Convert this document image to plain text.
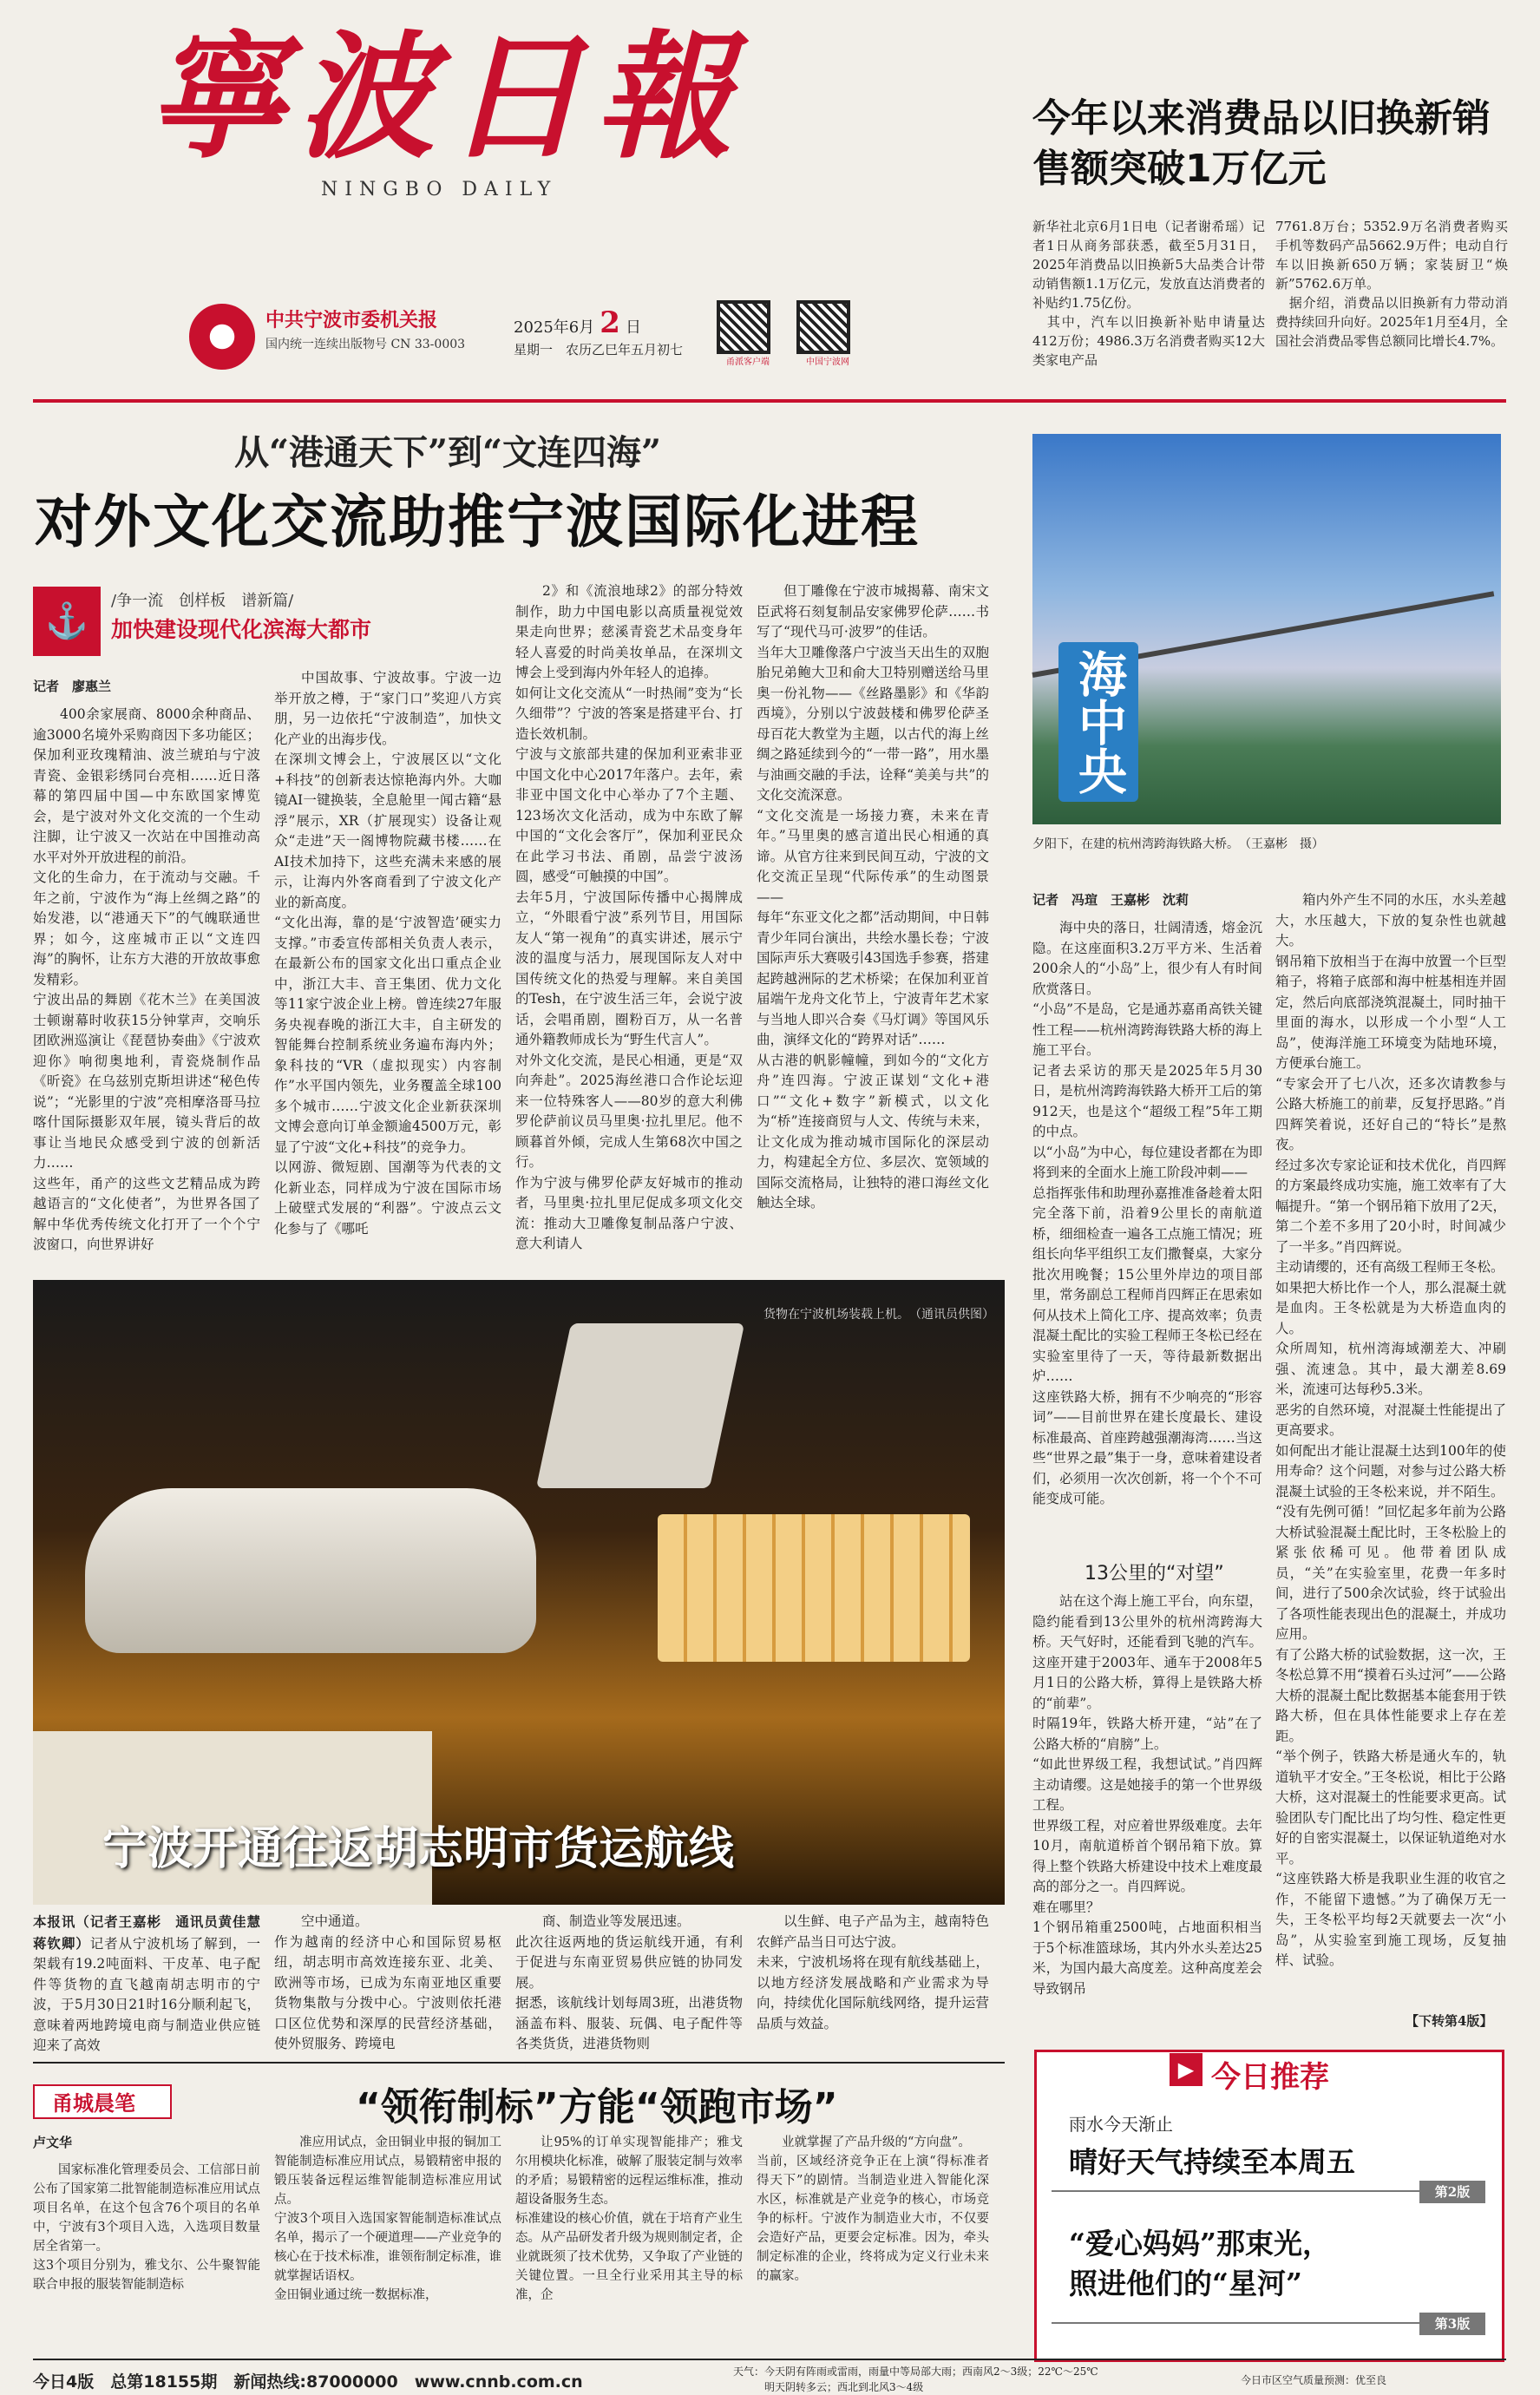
寧波日報
NINGBO DAILY
中共宁波市委机关报
国内统一连续出版物号 CN 33-0003
2025年6月 2 日
星期一　农历乙巳年五月初七
甬派客户端	中国宁波网
今年以来消费品以旧换新销售额突破1万亿元
新华社北京6月1日电（记者谢希瑶）记者1日从商务部获悉，截至5月31日，2025年消费品以旧换新5大品类合计带动销售额1.1万亿元，发放直达消费者的补贴约1.75亿份。
　其中，汽车以旧换新补贴申请量达412万份；4986.3万名消费者购买12大类家电产品
7761.8万台；5352.9万名消费者购买手机等数码产品5662.9万件；电动自行车以旧换新650万辆；家装厨卫“焕新”5762.6万单。
　据介绍，消费品以旧换新有力带动消费持续回升向好。2025年1月至4月，全国社会消费品零售总额同比增长4.7%。
从“港通天下”到“文连四海”
对外文化交流助推宁波国际化进程
⚓
/争一流　创样板　谱新篇/
加快建设现代化滨海大都市
记者　廖惠兰
400余家展商、8000余种商品、逾3000名境外采购商因下多功能区；保加利亚玫瑰精油、波兰琥珀与宁波青瓷、金银彩绣同台亮相……近日落幕的第四届中国—中东欧国家博览会，是宁波对外文化交流的一个生动注脚，让宁波又一次站在中国推动高水平对外开放进程的前沿。
文化的生命力，在于流动与交融。千年之前，宁波作为“海上丝绸之路”的始发港，以“港通天下”的气魄联通世界；如今，这座城市正以“文连四海”的胸怀，让东方大港的开放故事愈发精彩。
宁波出品的舞剧《花木兰》在美国波士顿谢幕时收获15分钟掌声，交响乐团欧洲巡演让《琵琶协奏曲》《宁波欢迎你》响彻奥地利，青瓷烧制作品《昕瓷》在乌兹别克斯坦讲述“秘色传说”；“光影里的宁波”亮相摩洛哥马拉喀什国际摄影双年展，镜头背后的故事让当地民众感受到宁波的创新活力……
这些年，甬产的这些文艺精品成为跨越语言的“文化使者”，为世界各国了解中华优秀传统文化打开了一个个宁波窗口，向世界讲好
中国故事、宁波故事。宁波一边举开放之樽，于“家门口”奖迎八方宾朋，另一边依托“宁波制造”，加快文化产业的出海步伐。
在深圳文博会上，宁波展区以“文化+科技”的创新表达惊艳海内外。大咖镜AI一键换装，全息舱里一闻古籍“悬浮”展示，XR（扩展现实）设备让观众“走进”天一阁博物院藏书楼……在AI技术加持下，这些充满未来感的展示，让海内外客商看到了宁波文化产业的新高度。
“文化出海，靠的是‘宁波智造’硬实力支撑。”市委宣传部相关负责人表示，在最新公布的国家文化出口重点企业中，浙江大丰、音王集团、优力文化等11家宁波企业上榜。曾连续27年服务央视春晚的浙江大丰，自主研发的智能舞台控制系统业务遍布海内外；象科技的“VR（虚拟现实）内容制作”水平国内领先，业务覆盖全球100多个城市……宁波文化企业新获深圳文博会意向订单金额逾4500万元，彰显了宁波“文化+科技”的竞争力。
以网游、微短剧、国潮等为代表的文化新业态，同样成为宁波在国际市场上破壁式发展的“利器”。宁波点云文化参与了《哪吒
2》和《流浪地球2》的部分特效制作，助力中国电影以高质量视觉效果走向世界；慈溪青瓷艺术品变身年轻人喜爱的时尚美妆单品，在深圳文博会上受到海内外年轻人的追捧。
如何让文化交流从“一时热闹”变为“长久细带”？宁波的答案是搭建平台、打造长效机制。
宁波与文旅部共建的保加利亚索非亚中国文化中心2017年落户。去年，索非亚中国文化中心举办了7个主题、123场次文化活动，成为中东欧了解中国的“文化会客厅”，保加利亚民众在此学习书法、甬剧，品尝宁波汤圆，感受“可触摸的中国”。
去年5月，宁波国际传播中心揭牌成立，“外眼看宁波”系列节目，用国际友人“第一视角”的真实讲述，展示宁波的温度与活力，展现国际友人对中国传统文化的热爱与理解。来自美国的Tesh，在宁波生活三年，会说宁波话，会唱甬剧，圈粉百万，从一名普通外籍教师成长为“野生代言人”。
对外文化交流，是民心相通，更是“双向奔赴”。2025海丝港口合作论坛迎来一位特殊客人——80岁的意大利佛罗伦萨前议员马里奥·拉扎里尼。他不顾暮首外倾，完成人生第68次中国之行。
作为宁波与佛罗伦萨友好城市的推动者，马里奥·拉扎里尼促成多项文化交流：推动大卫雕像复制品落户宁波、意大利请人
但丁雕像在宁波市城揭幕、南宋文臣武将石刻复制品安家佛罗伦萨……书写了“现代马可·波罗”的佳话。
当年大卫雕像落户宁波当天出生的双胞胎兄弟鲍大卫和俞大卫特别赠送给马里奥一份礼物——《丝路墨影》和《华韵西境》，分别以宁波鼓楼和佛罗伦萨圣母百花大教堂为主题，以古代的海上丝绸之路延续到今的“一带一路”，用水墨与油画交融的手法，诠释“美美与共”的文化交流深意。
“文化交流是一场接力赛，未来在青年。”马里奥的感言道出民心相通的真谛。从官方往来到民间互动，宁波的文化交流正呈现“代际传承”的生动图景——
每年“东亚文化之都”活动期间，中日韩青少年同台演出，共绘水墨长卷；宁波国际声乐大赛吸引43国选手参赛，搭建起跨越洲际的艺术桥梁；在保加利亚首届端午龙舟文化节上，宁波青年艺术家与当地人即兴合奏《马灯调》等国风乐曲，演绎文化的“跨界对话”……
从古港的帆影幢幢，到如今的“文化方舟”连四海。宁波正谋划“文化+港口”“文化+数字”新模式，以文化为“桥”连接商贸与人文、传统与未来，让文化成为推动城市国际化的深层动力，构建起全方位、多层次、宽领域的国际交流格局，让独特的港口海丝文化触达全球。
货物在宁波机场装载上机。　（通讯员供图）
宁波开通往返胡志明市货运航线
本报讯（记者王嘉彬　通讯员黄佳慧　蒋钦卿）记者从宁波机场了解到，一架载有19.2吨面料、干皮革、电子配件等货物的直飞越南胡志明市的宁波，于5月30日21时16分顺利起飞，意味着两地跨境电商与制造业供应链迎来了高效
空中通道。
作为越南的经济中心和国际贸易枢纽，胡志明市高效连接东亚、北美、欧洲等市场，已成为东南亚地区重要货物集散与分拨中心。宁波则依托港口区位优势和深厚的民营经济基础，使外贸服务、跨境电
商、制造业等发展迅速。
此次往返两地的货运航线开通，有利于促进与东南亚贸易供应链的协同发展。
据悉，该航线计划每周3班，出港货物涵盖布料、服装、玩偶、电子配件等各类货货，进港货物则
以生鲜、电子产品为主，越南特色农鲜产品当日可达宁波。
未来，宁波机场将在现有航线基础上，以地方经济发展战略和产业需求为导向，持续优化国际航线网络，提升运营品质与效益。
海中央
夕阳下，在建的杭州湾跨海铁路大桥。　（王嘉彬　摄）
记者　冯瑄　王嘉彬　沈莉
海中央的落日，壮阔清透，熔金沉隐。在这座面积3.2万平方米、生活着200余人的“小岛”上，很少有人有时间欣赏落日。
“小岛”不是岛，它是通苏嘉甬高铁关键性工程——杭州湾跨海铁路大桥的海上施工平台。
记者去采访的那天是2025年5月30日，是杭州湾跨海铁路大桥开工后的第912天，也是这个“超级工程”5年工期的中点。
以“小岛”为中心，每位建设者都在为即将到来的全面水上施工阶段冲刺——
总指挥张伟和助理孙嘉推准备趁着太阳完全落下前，沿着9公里长的南航道桥，细细检查一遍各工点施工情况；班组长向华平组织工友们撒餐桌，大家分批次用晚餐；15公里外岸边的项目部里，常务副总工程师肖四辉正在思索如何从技术上简化工序、提高效率；负责混凝土配比的实验工程师王冬松已经在实验室里待了一天，等待最新数据出炉……
这座铁路大桥，拥有不少响亮的“形容词”——目前世界在建长度最长、建设标准最高、首座跨越强潮海湾……当这些“世界之最”集于一身，意味着建设者们，必须用一次次创新，将一个个不可能变成可能。
13公里的“对望”
站在这个海上施工平台，向东望，隐约能看到13公里外的杭州湾跨海大桥。天气好时，还能看到飞驰的汽车。这座开建于2003年、通车于2008年5月1日的公路大桥，算得上是铁路大桥的“前辈”。
时隔19年，铁路大桥开建，“站”在了公路大桥的“肩膀”上。
“如此世界级工程，我想试试。”肖四辉主动请缨。这是她接手的第一个世界级工程。
世界级工程，对应着世界级难度。去年10月，南航道桥首个钢吊箱下放。算得上整个铁路大桥建设中技术上难度最高的部分之一。肖四辉说。
难在哪里？
1个钢吊箱重2500吨，占地面积相当于5个标准篮球场，其内外水头差达25米，为国内最大高度差。这种高度差会导致钢吊
箱内外产生不同的水压，水头差越大，水压越大，下放的复杂性也就越大。
钢吊箱下放相当于在海中放置一个巨型箱子，将箱子底部和海中桩基相连并固定，然后向底部浇筑混凝土，同时抽干里面的海水，以形成一个小型“人工岛”，使海洋施工环境变为陆地环境，方便承台施工。
“专家会开了七八次，还多次请教参与公路大桥施工的前辈，反复抒思路。”肖四辉笑着说，还好自己的“特长”是熬夜。
经过多次专家论证和技术优化，肖四辉的方案最终成功实施，施工效率有了大幅提升。“第一个钢吊箱下放用了2天，第二个差不多用了20小时，时间减少了一半多。”肖四辉说。
主动请缨的，还有高级工程师王冬松。
如果把大桥比作一个人，那么混凝土就是血肉。王冬松就是为大桥造血肉的人。
众所周知，杭州湾海域潮差大、冲刷强、流速急。其中，最大潮差8.69米，流速可达每秒5.3米。
恶劣的自然环境，对混凝土性能提出了更高要求。
如何配出才能让混凝土达到100年的使用寿命？这个问题，对参与过公路大桥混凝土试验的王冬松来说，并不陌生。
“没有先例可循！”回忆起多年前为公路大桥试验混凝土配比时，王冬松脸上的紧张依稀可见。他带着团队成员，“关”在实验室里，花费一年多时间，进行了500余次试验，终于试验出了各项性能表现出色的混凝土，并成功应用。
有了公路大桥的试验数据，这一次，王冬松总算不用“摸着石头过河”——公路大桥的混凝土配比数据基本能套用于铁路大桥，但在具体性能要求上存在差距。
“举个例子，铁路大桥是通火车的，轨道轨平才安全。”王冬松说，相比于公路大桥，这对混凝土的性能要求更高。试验团队专门配比出了均匀性、稳定性更好的自密实混凝土，以保证轨道绝对水平。
“这座铁路大桥是我职业生涯的收官之作，不能留下遗憾。”为了确保万无一失，王冬松平均每2天就要去一次“小岛”，从实验室到施工现场，反复抽样、试验。
【下转第4版】
甬城晨笔	“领衔制标”方能“领跑市场”
卢文华
国家标准化管理委员会、工信部日前公布了国家第二批智能制造标准应用试点项目名单，在这个包含76个项目的名单中，宁波有3个项目入选，入选项目数量居全省第一。
这3个项目分别为，雅戈尔、公牛聚智能联合申报的服装智能制造标
准应用试点，金田铜业申报的铜加工智能制造标准应用试点，易锻精密申报的锻压装备远程运维智能制造标准应用试点。
宁波3个项目入选国家智能制造标准试点名单，揭示了一个硬道理——产业竞争的核心在于技术标准，谁领衔制定标准，谁就掌握话语权。
金田铜业通过统一数据标准，
让95%的订单实现智能排产；雅戈尔用模块化标准，破解了服装定制与效率的矛盾；易锻精密的远程运维标准，推动超设备服务生态。
标准建设的核心价值，就在于培育产业生态。从产品研发者升级为规则制定者，企业就既须了技术优势，又争取了产业链的关键位置。一旦全行业采用其主导的标准，企
业就掌握了产品升级的“方向盘”。
当前，区域经济竞争正在上演“得标准者得天下”的剧情。当制造业进入智能化深水区，标准就是产业竞争的核心，市场竞争的标杆。宁波作为制造业大市，不仅要会造好产品，更要会定标准。因为，牵头制定标准的企业，终将成为定义行业未来的赢家。
▶ 今日推荐
雨水今天渐止
晴好天气持续至本周五
第2版
“爱心妈妈”那束光，
照进他们的“星河”
第3版
今日4版　 总第18155期　 新闻热线:87000000　 www.cnnb.com.cn
天气：今天阴有阵雨或雷雨，雨量中等局部大雨；西南风2～3级；22℃～25℃
　　　明天阴转多云；西北到北风3～4级
今日市区空气质量预测：优至良
